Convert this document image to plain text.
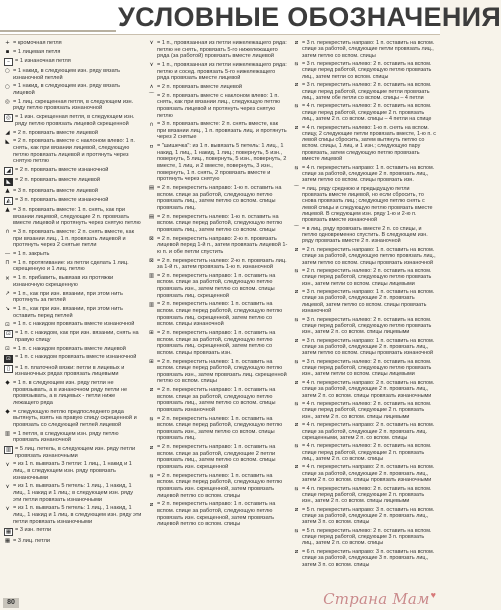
УСЛОВНЫЕ ОБОЗНАЧЕНИЯ
+ = кромочная петля
▪ = 1 лицевая петля
– = 1 изнаночная петля
○ = 1 накид, в следующем изн. ряду вязать изнаночной петлей
○ = 1 накид, в следующем изн. ряду вязать лицевой
◎ = 1 лиц. скрещенная петля, в следующем изн. ряду петлю провязать изнаночной
◎ = 1 изн. скрещенная петля, в следующем изн. ряду петлю провязать лицевой скрещенной
◢ = 2 п. провязать вместе лицевой
◣ = 2 п. провязать вместе с наклоном влево: 1 п. снять, как при вязании лицевой, следующую петлю провязать лицевой и протянуть через снятую петлю
◢ = 2 п. провязать вместе изнаночной
◣ = 2 п. провязать вместе лицевой
▲ = 3 п. провязать вместе лицевой
◭ = 3 п. провязать вместе изнаночной
▲ = 3 п. провязать вместе: 1 п. снять, как при вязании лицевой, следующие 2 п. провязать вместе лицевой и протянуть через снятую петлю
∩ = 3 п. провязать вместе: 2 п. снять вместе, как при вязании лиц., 1 п. провязать лицевой и протянуть через 2 снятые петли
— = 1 п. закрыть
⊓ = 1 п. протягивание: из петли сделать 1 лиц. скрещенную и 1 лиц. петлю
✕ = 1 п. прибавить, вывязав из протяжки изнаночную скрещенную
↗ = 1 п., как при изн. вязании, при этом нить протянуть за петлей
↘ = 1 п., как при изн. вязании, при этом нить оставить перед петлей
⊡ = 1 п. с накидом провязать вместе изнаночной
⊡ = 1 п. с накидом, как при изн. вязании, снять на правую спицу
⊡ = 1 п. с накидом провязать вместе лицевой
⊡ = 1 п. с накидом провязать вместе изнаночной
▯ = 1 п. платочной вязки: петли в лицевых и изнаночных рядах провязать лицевыми
◆ = 1 п. в следующем изн. ряду петли не провязывать, а в изнаночном ряду петли не провязывать, а в лицевых - петли ниже лежащего ряда
◆ = следующую петлю предпоследнего ряда вытянуть, взять на правую спицу скрещенной и провязать со следующей петлей лицевой
▥ = 1 петля, в следующем изн. ряду петлю провязать изнаночной
▥ = 5 лиц. петель, в следующем изн. ряду петли провязать изнаночными
⋎ = из 1 п. вывязать 3 петли: 1 лиц., 1 накид и 1 лиц., в следующем изн. ряду провязать изнаночными
⋎ = из 1 п. вывязать 5 петель: 1 лиц., 1 накид, 1 лиц., 1 накид и 1 лиц.; в следующем изн. ряду эти петли провязать изнаночными
⋎ = из 1 п. вывязать 5 петель: 1 лиц., 1 накид, 1 лиц., 1 накид и 1 лиц. в следующем изн. ряду эти петли провязать изнаночными
▦ = 3 изн. петли
▦ = 3 лиц. петли
⋎ = 1 п., провязанная из петли нижележащего ряда: петлю не снять, провязать 5-го нижележащего ряда (за работой) провязать вместе лицевой
⋎ = 1 п., провязанная из петли нижележащего ряда: петлю и сосед. провязать 5-го нижележащего ряда провязать вместе лицевой
∧ = 2 п. провязать вместе лицевой
⌒ = 2 п. провязать вместе с наклоном влево: 1 п. снять, как при вязании лиц., следующую петлю провязать лицевой и протянуть через снятую петлю
∩ = 3 п. провязать вместе: 2 п. снять вместе, как при вязании лиц., 1 п. провязать лиц. и протянуть через 2 снятые
ʊ = "шишечка": из 1 п. вывязать 5 петель: 1 лиц., 1 накид, 1 лиц., 1 накид, 1 лиц.; повернуть, 5 изн., повернуть, 5 лиц., повернуть, 5 изн., повернуть, 2 вместе, 1 лиц. и 2 вместе, повернуть, 3 изн., повернуть, 1 п. снять, 2 провязать вместе и протянуть через снятую
▤ = 2 п. перекрестить направо: 1-ю п. оставить на вспом. спице за работой, следующую петлю провязать лиц., затем петлю со вспом. спицы провязать лиц.
▤ = 2 п. перекрестить налево: 1-ю п. оставить на вспом. спице перед работой, следующую петлю провязать лиц., затем петлю со вспом. спицы
⊠ = 2 п. перекрестить направо: 2-ю п. провязать лицевой перед 1-й п., затем провязать лицевой 1-ю п. и обе петли спустить
⊠ = 2 п. перекрестить налево: 2-ю п. провязать лиц. за 1-й п., затем провязать 1-ю п. изнаночной
▥ = 2 п. перекрестить направо: 1 п. оставить на вспом. спице за работой, следующую петлю провязать изн., затем петлю со вспом. спицы провязать лиц. скрещенной
▥ = 2 п. перекрестить налево: 1 п. оставить на вспом. спице перед работой, следующую петлю провязать лиц. скрещенной, затем петлю со вспом. спицы изнаночной
⊞ = 2 п. перекрестить направо: 1 п. оставить на вспом. спице за работой, следующую петлю провязать лиц. скрещенной, затем петлю со вспом. спицы провязать изн.
⊞ = 2 п. перекрестить налево: 1 п. оставить на вспом. спице перед работой, следующую петлю провязать изн., затем провязать лиц. скрещенной петлю со вспом. спицы
⧄ = 2 п. перекрестить направо: 1 п. оставить на вспом. спице за работой, следующую петлю провязать лиц., затем петлю со вспом. спицы провязать изнаночной
⧅ = 2 п. перекрестить налево: 1 п. оставить на вспом. спице перед работой, следующую петлю провязать изн., затем петлю со вспом. спицы провязать лиц.
⧄ = 2 п. перекрестить направо: 1 п. оставить на вспом. спице за работой, следующие 2 петли провязать лиц., затем петлю со вспом. спицы провязать изн. скрещенной
⧅ = 2 п. перекрестить налево: 1 п. оставить на вспом. спице перед работой, следующую петлю провязать изн. скрещенной, затем провязать лицевой петлю со вспом. спицы
⧄ = 2 п. перекрестить направо: 1 п. оставить на вспом. спице за работой, следующую петлю провязать изн. скрещенной, затем провязать лицевой петлю со вспом. спицы
⧄ = 3 п. перекрестить направо: 1 п. оставить на вспом. спице за работой, следующие петли провязать лиц., затем петлю со вспом. спицы
⧅ = 3 п. перекрестить налево: 2 п. оставить на вспом. спице перед работой, следующую петлю провязать лиц., затем петли со вспом. спицы
⧄ = 3 п. перекрестить налево: 2 п. оставить на вспом. спице перед работой, следующие петли провязать лиц., затем обе петли со вспом. спицы – 4 петли
⧅ = 4 п. перекрестить налево: 2 п. оставить на вспом. спице перед работой, следующие 2 п. провязать лиц., затем 2 п. со вспом. спицы – 4 петли на спице
⧄ = 4 п. перекрестить налево: 1-ю п. снять на вспом. спицу, 2 следующие петли провязать вместе, 1-ю п. с левой спицы сбросить, затем вытянуть петлю со вспом. спицы, 1 лиц. и 1 изн.; следующую пару провязать, затем следующую петлю провязать вместе лицевой
⧅ = 4 п. перекрестить направо: 1 п. оставить на вспом. спице за работой, следующие 2 п. провязать лиц., затем петлю со вспом. спицы провязать изн.
⌒ = лиц. ряду среднюю и предыдущую петли провязать вместе лицевой, но если сбросить, то снова провязать лиц.; следующую петлю снять с левой спицы и следующую петлю провязать вместе лицевой. В следующем изн. ряду 1-ю и 2-ю п. провязать вместе изнаночной
⌒ = в лиц. ряду провязать вместе 2 п. со спицы, и петлю одновременно спустить. В следующем изн. ряду провязать вместе 2 п. изнаночной
⧄ = 2 п. перекрестить направо: 1 п. оставить на вспом. спице за работой, следующую петлю провязать лиц., затем петлю со вспом. спицы провязать изнаночной
⧅ = 2 п. перекрестить налево: 2 п. оставить на вспом. спице перед работой, следующую петлю провязать изн., затем петли со вспом. спицы лицевыми
⧄ = 3 п. перекрестить направо: 1 п. оставить на вспом. спице за работой, следующие 2 п. провязать лицевой, затем петлю со вспом. спицы провязать изнаночной
⧅ = 3 п. перекрестить налево: 2 п. оставить на вспом. спице перед работой, следующую петлю провязать изн., затем 2 п. со вспом. спицы лицевыми
⧄ = 3 п. перекрестить направо: 1 п. оставить на вспом. спице за работой, следующие 2 п. провязать лиц., затем петлю со вспом. спицы провязать изнаночной
⧅ = 3 п. перекрестить налево: 2 п. оставить на вспом. спице перед работой, следующую петлю провязать изн., затем петли со вспом. спицы лицевыми
⧄ = 4 п. перекрестить направо: 2 п. оставить на вспом. спице за работой, следующие 2 п. провязать лиц., затем 2 п. со вспом. спицы провязать изнаночными
⧅ = 4 п. перекрестить налево: 2 п. оставить на вспом. спице перед работой, следующие 2 п. провязать изн., затем 2 п. со вспом. спицы лицевыми
⧄ = 4 п. перекрестить направо: 2 п. оставить на вспом. спице за работой, следующие 2 п. провязать лиц. скрещенными, затем 2 п. со вспом. спицы
⧅ = 4 п. перекрестить налево: 2 п. оставить на вспом. спице перед работой, следующие 2 п. провязать лиц., затем 2 п. со вспом. спицы
⧄ = 4 п. перекрестить направо: 2 п. оставить на вспом. спице за работой, следующие 2 п. провязать лиц., затем 2 п. со вспом. спицы провязать изнаночными
⧅ = 4 п. перекрестить налево: 2 п. оставить на вспом. спице перед работой, следующие 2 п. провязать изн., затем 2 п. со вспом. спицы лицевыми
⧄ = 5 п. перекрестить направо: 3 п. оставить на вспом. спице за работой, следующие 2 п. провязать лиц., затем 3 п. со вспом. спицы
⧅ = 5 п. перекрестить налево: 2 п. оставить на вспом. спице перед работой, следующие 3 п. провязать лиц., затем 2 п. со вспом. спицы
⧄ = 6 п. перекрестить направо: 3 п. оставить на вспом. спице за работой, следующие 3 п. провязать лиц., затем 3 п. со вспом. спицы
80	Страна Мам ♥
